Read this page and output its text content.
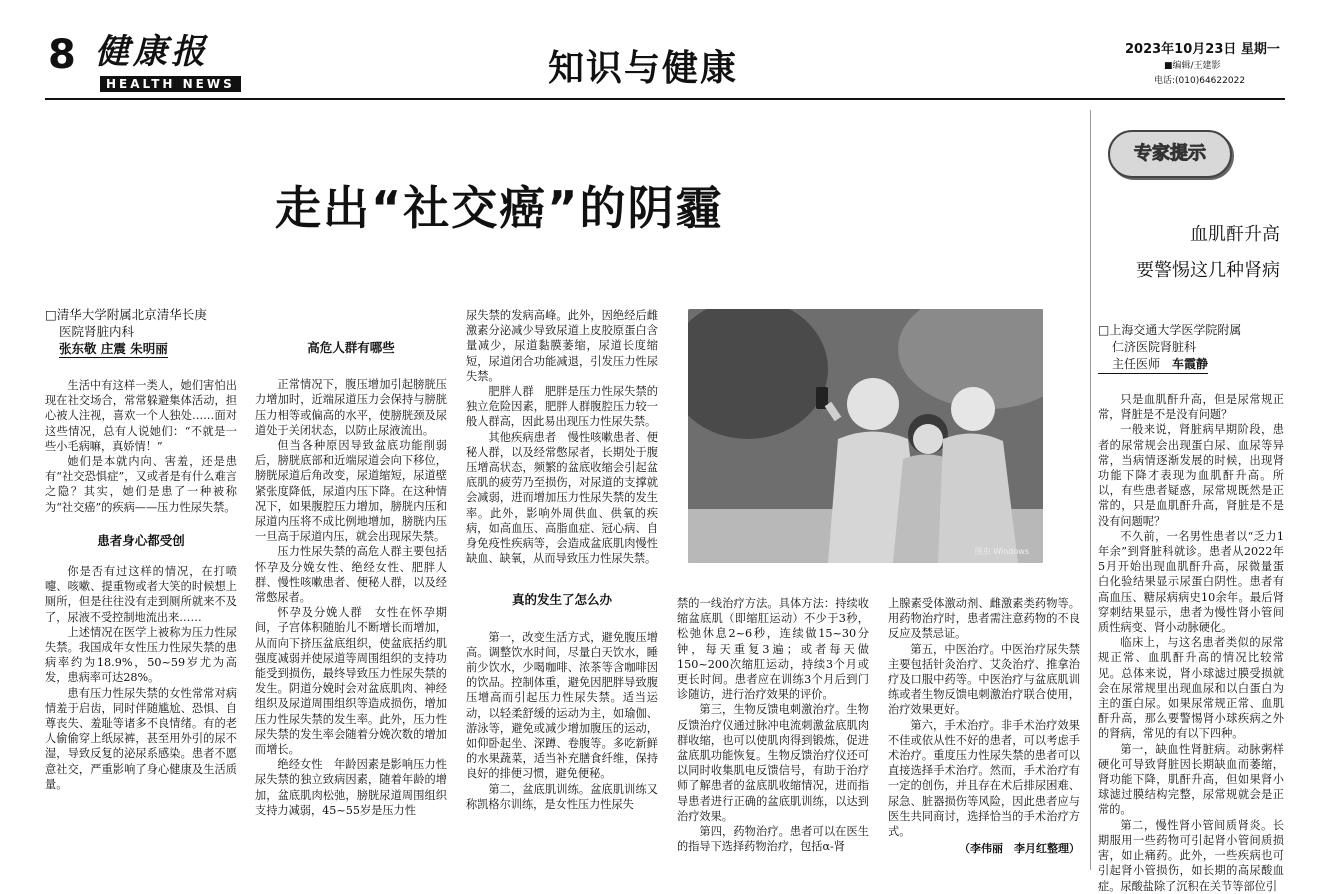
8 健康报
HEALTH NEWS	知识与健康	2023年10月23日 星期一
■编辑/王建影
电话:(010)64622022
走出“社交癌”的阴霾
□清华大学附属北京清华长庚
医院肾脏内科
张东敬 庄震 朱明丽

生活中有这样一类人，她们害怕出现在社交场合，常常躲避集体活动，担心被人注视，喜欢一个人独处……面对这些情况，总有人说她们：“不就是一些小毛病嘛，真娇情！”

她们是本就内向、害羞，还是患有“社交恐惧症”，又或者是有什么难言之隐？其实，她们是患了一种被称为“社交癌”的疾病——压力性尿失禁。

患者身心都受创

你是否有过这样的情况，在打喷嚏、咳嗽、提重物或者大笑的时候想上厕所，但是往往没有走到厕所就来不及了，尿液不受控制地流出来……

上述情况在医学上被称为压力性尿失禁。我国成年女性压力性尿失禁的患病率约为18.9%，50~59岁尤为高发，患病率可达28%。

患有压力性尿失禁的女性常常对病情羞于启齿，同时伴随尴尬、恐惧、自尊丧失、羞耻等诸多不良情绪。有的老人偷偷穿上纸尿裤，甚至用外引的尿不湿，导致反复的泌尿系感染。患者不愿意社交，严重影响了身心健康及生活质量。

高危人群有哪些

正常情况下，腹压增加引起膀胱压力增加时，近端尿道压力会保持与膀胱压力相等或偏高的水平，使膀胱颈及尿道处于关闭状态，以防止尿液流出。

但当各种原因导致盆底功能削弱后，膀胱底部和近端尿道会向下移位，膀胱尿道后角改变，尿道缩短，尿道壁紧张度降低，尿道内压下降。在这种情况下，如果腹腔压力增加，膀胱内压和尿道内压将不成比例地增加，膀胱内压一旦高于尿道内压，就会出现尿失禁。

压力性尿失禁的高危人群主要包括怀孕及分娩女性、绝经女性、肥胖人群、慢性咳嗽患者、便秘人群，以及经常憋尿者。

怀孕及分娩人群　女性在怀孕期间，子宫体积随胎儿不断增长而增加，从而向下挤压盆底组织，使盆底括约肌强度减弱并使尿道等周围组织的支持功能受到损伤，最终导致压力性尿失禁的发生。阴道分娩时会对盆底肌肉、神经组织及尿道周围组织等造成损伤，增加压力性尿失禁的发生率。此外，压力性尿失禁的发生率会随着分娩次数的增加而增长。

绝经女性　年龄因素是影响压力性尿失禁的独立致病因素，随着年龄的增加，盆底肌肉松弛，膀胱尿道周围组织支持力减弱，45~55岁是压力性

尿失禁的发病高峰。此外，因绝经后雌激素分泌减少导致尿道上皮胶原蛋白含量减少，尿道黏膜萎缩，尿道长度缩短，尿道闭合功能减退，引发压力性尿失禁。

肥胖人群　肥胖是压力性尿失禁的独立危险因素，肥胖人群腹腔压力较一般人群高，因此易出现压力性尿失禁。

其他疾病患者　慢性咳嗽患者、便秘人群，以及经常憋尿者，长期处于腹压增高状态，频繁的盆底收缩会引起盆底肌的疲劳乃至损伤，对尿道的支撑就会减弱，进而增加压力性尿失禁的发生率。此外，影响外周供血、供氧的疾病，如高血压、高脂血症、冠心病、自身免疫性疾病等，会造成盆底肌肉慢性缺血、缺氧，从而导致压力性尿失禁。

真的发生了怎么办

第一，改变生活方式，避免腹压增高。调整饮水时间，尽量白天饮水，睡前少饮水，少喝咖啡、浓茶等含咖啡因的饮品。控制体重，避免因肥胖导致腹压增高而引起压力性尿失禁。适当运动，以轻柔舒缓的运动为主，如瑜伽、游泳等，避免或减少增加腹压的运动，如仰卧起坐、深蹲、卷腹等。多吃新鲜的水果蔬菜，适当补充膳食纤维，保持良好的排便习惯，避免便秘。

第二，盆底肌训练。盆底肌训练又称凯格尔训练，是女性压力性尿失

图虫 Windows

禁的一线治疗方法。具体方法：持续收缩盆底肌（即缩肛运动）不少于3秒，松弛休息2~6秒，连续做15~30分钟，每天重复3遍；或者每天做150~200次缩肛运动，持续3个月或更长时间。患者应在训练3个月后到门诊随访，进行治疗效果的评价。

第三，生物反馈电刺激治疗。生物反馈治疗仪通过脉冲电流刺激盆底肌肉群收缩，也可以使肌肉得到锻炼，促进盆底肌功能恢复。生物反馈治疗仪还可以同时收集肌电反馈信号，有助于治疗师了解患者的盆底肌收缩情况，进而指导患者进行正确的盆底肌训练，以达到治疗效果。

第四，药物治疗。患者可以在医生的指导下选择药物治疗，包括α-肾

上腺素受体激动剂、雌激素类药物等。用药物治疗时，患者需注意药物的不良反应及禁忌证。

第五，中医治疗。中医治疗尿失禁主要包括针灸治疗、艾灸治疗、推拿治疗及口服中药等。中医治疗与盆底肌训练或者生物反馈电刺激治疗联合使用，治疗效果更好。

第六，手术治疗。非手术治疗效果不佳或依从性不好的患者，可以考虑手术治疗。重度压力性尿失禁的患者可以直接选择手术治疗。然而，手术治疗有一定的创伤，并且存在术后排尿困难、尿急、脏器损伤等风险，因此患者应与医生共同商讨，选择恰当的手术治疗方式。

（李伟丽　李月红整理）
专家提示
血肌酐升高
要警惕这几种肾病
□上海交通大学医学院附属
仁济医院肾脏科
主任医师　 车霞静

只是血肌酐升高，但是尿常规正常，肾脏是不是没有问题？

一般来说，肾脏病早期阶段，患者的尿常规会出现蛋白尿、血尿等异常，当病情逐渐发展的时候，出现肾功能下降才表现为血肌酐升高。所以，有些患者疑惑，尿常规既然是正常的，只是血肌酐升高，肾脏是不是没有问题呢？

不久前，一名男性患者以“乏力1年余”到肾脏科就诊。患者从2022年5月开始出现血肌酐升高，尿微量蛋白化验结果显示尿蛋白阴性。患者有高血压、糖尿病病史10余年。最后肾穿刺结果显示，患者为慢性肾小管间质性病变、肾小动脉硬化。

临床上，与这名患者类似的尿常规正常、血肌酐升高的情况比较常见。总体来说，肾小球滤过膜受损就会在尿常规里出现血尿和以白蛋白为主的蛋白尿。如果尿常规正常、血肌酐升高，那么要警惕肾小球疾病之外的肾病，常见的有以下四种。

第一，缺血性肾脏病。动脉粥样硬化可导致肾脏因长期缺血而萎缩，肾功能下降，肌酐升高，但如果肾小球滤过膜结构完整，尿常规就会是正常的。

第二，慢性肾小管间质肾炎。长期服用一些药物可引起肾小管间质损害，如止痛药。此外，一些疾病也可引起肾小管损伤，如长期的高尿酸血症。尿酸盐除了沉积在关节等部位引
